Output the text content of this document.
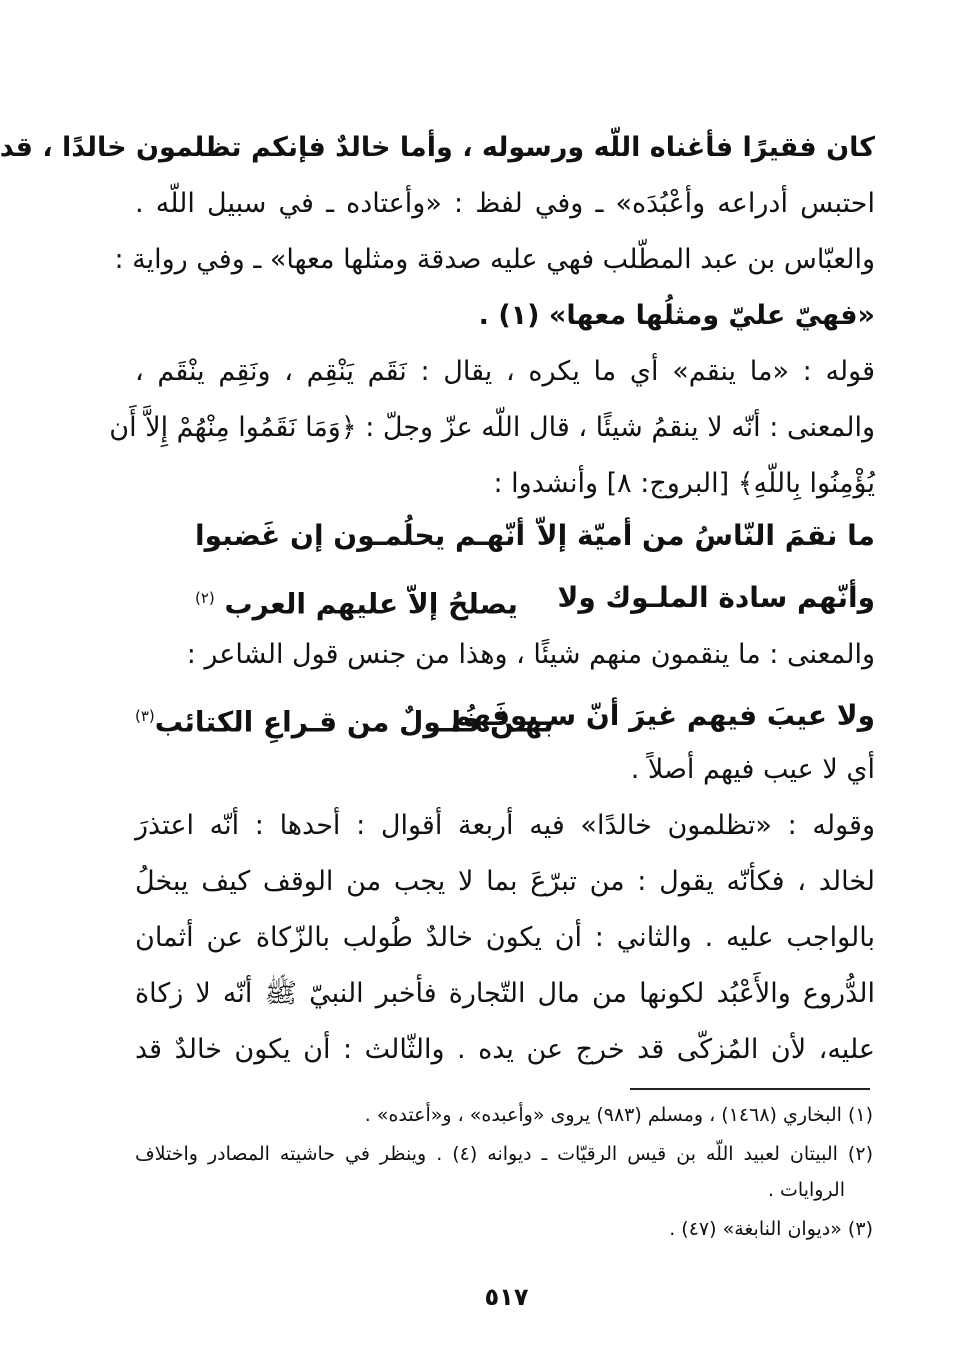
كان فقيرًا فأغناه اللّه ورسوله ، وأما خالدٌ فإنكم تظلمون خالدًا ، قد
احتبس أدراعه وأعْبُدَه» ـ وفي لفظ : «وأعتاده ـ في سبيل اللّه .
والعبّاس بن عبد المطّلب فهي عليه صدقة ومثلها معها» ـ وفي رواية :
«فهيّ عليّ ومثلُها معها» (١) .
قوله : «ما ينقم» أي ما يكره ، يقال : نَقَم يَنْقِم ، ونَقِم ينْقَم ،
والمعنى : أنّه لا ينقمُ شيئًا ، قال اللّه عزّ وجلّ : ﴿وَمَا نَقَمُوا مِنْهُمْ إِلاَّ أَن
يُؤْمِنُوا بِاللّهِ﴾ [البروج: ٨] وأنشدوا :
ما نقمَ النّاسُ من أميّة إلاّ
أنّهـم يحلُمـون إن غَضبوا
وأنّهم سادة الملـوك ولا
يصلحُ إلاّ عليهم العرب $^{(٢)}$
والمعنى : ما ينقمون منهم شيئًا ، وهذا من جنس قول الشاعر :
ولا عيبَ فيهم غيرَ أنّ سـيوفَهم
بهـنّ فُلـولٌ من قـراعِ الكتائب$^{(٣)}$
أي لا عيب فيهم أصلاً .
وقوله : «تظلمون خالدًا» فيه أربعة أقوال : أحدها : أنّه اعتذرَ
لخالد ، فكأنّه يقول : من تبرّعَ بما لا يجب من الوقف كيف يبخلُ
بالواجب عليه . والثاني : أن يكون خالدٌ طُولب بالزّكاة عن أثمان
الدُّروع والأَعْبُد لكونها من مال التّجارة فأخبر النبيّ ﷺ أنّه لا زكاة
عليه، لأن المُزكّى قد خرج عن يده . والثّالث : أن يكون خالدٌ قد
(١) البخاري (١٤٦٨) ، ومسلم (٩٨٣) يروى «وأعبده» ، و«أعتده» .
(٢) البيتان لعبيد اللّه بن قيس الرقيّات ـ ديوانه (٤) . وينظر في حاشيته المصادر واختلاف
الروايات .
(٣) «ديوان النابغة» (٤٧) .
٥١٧
